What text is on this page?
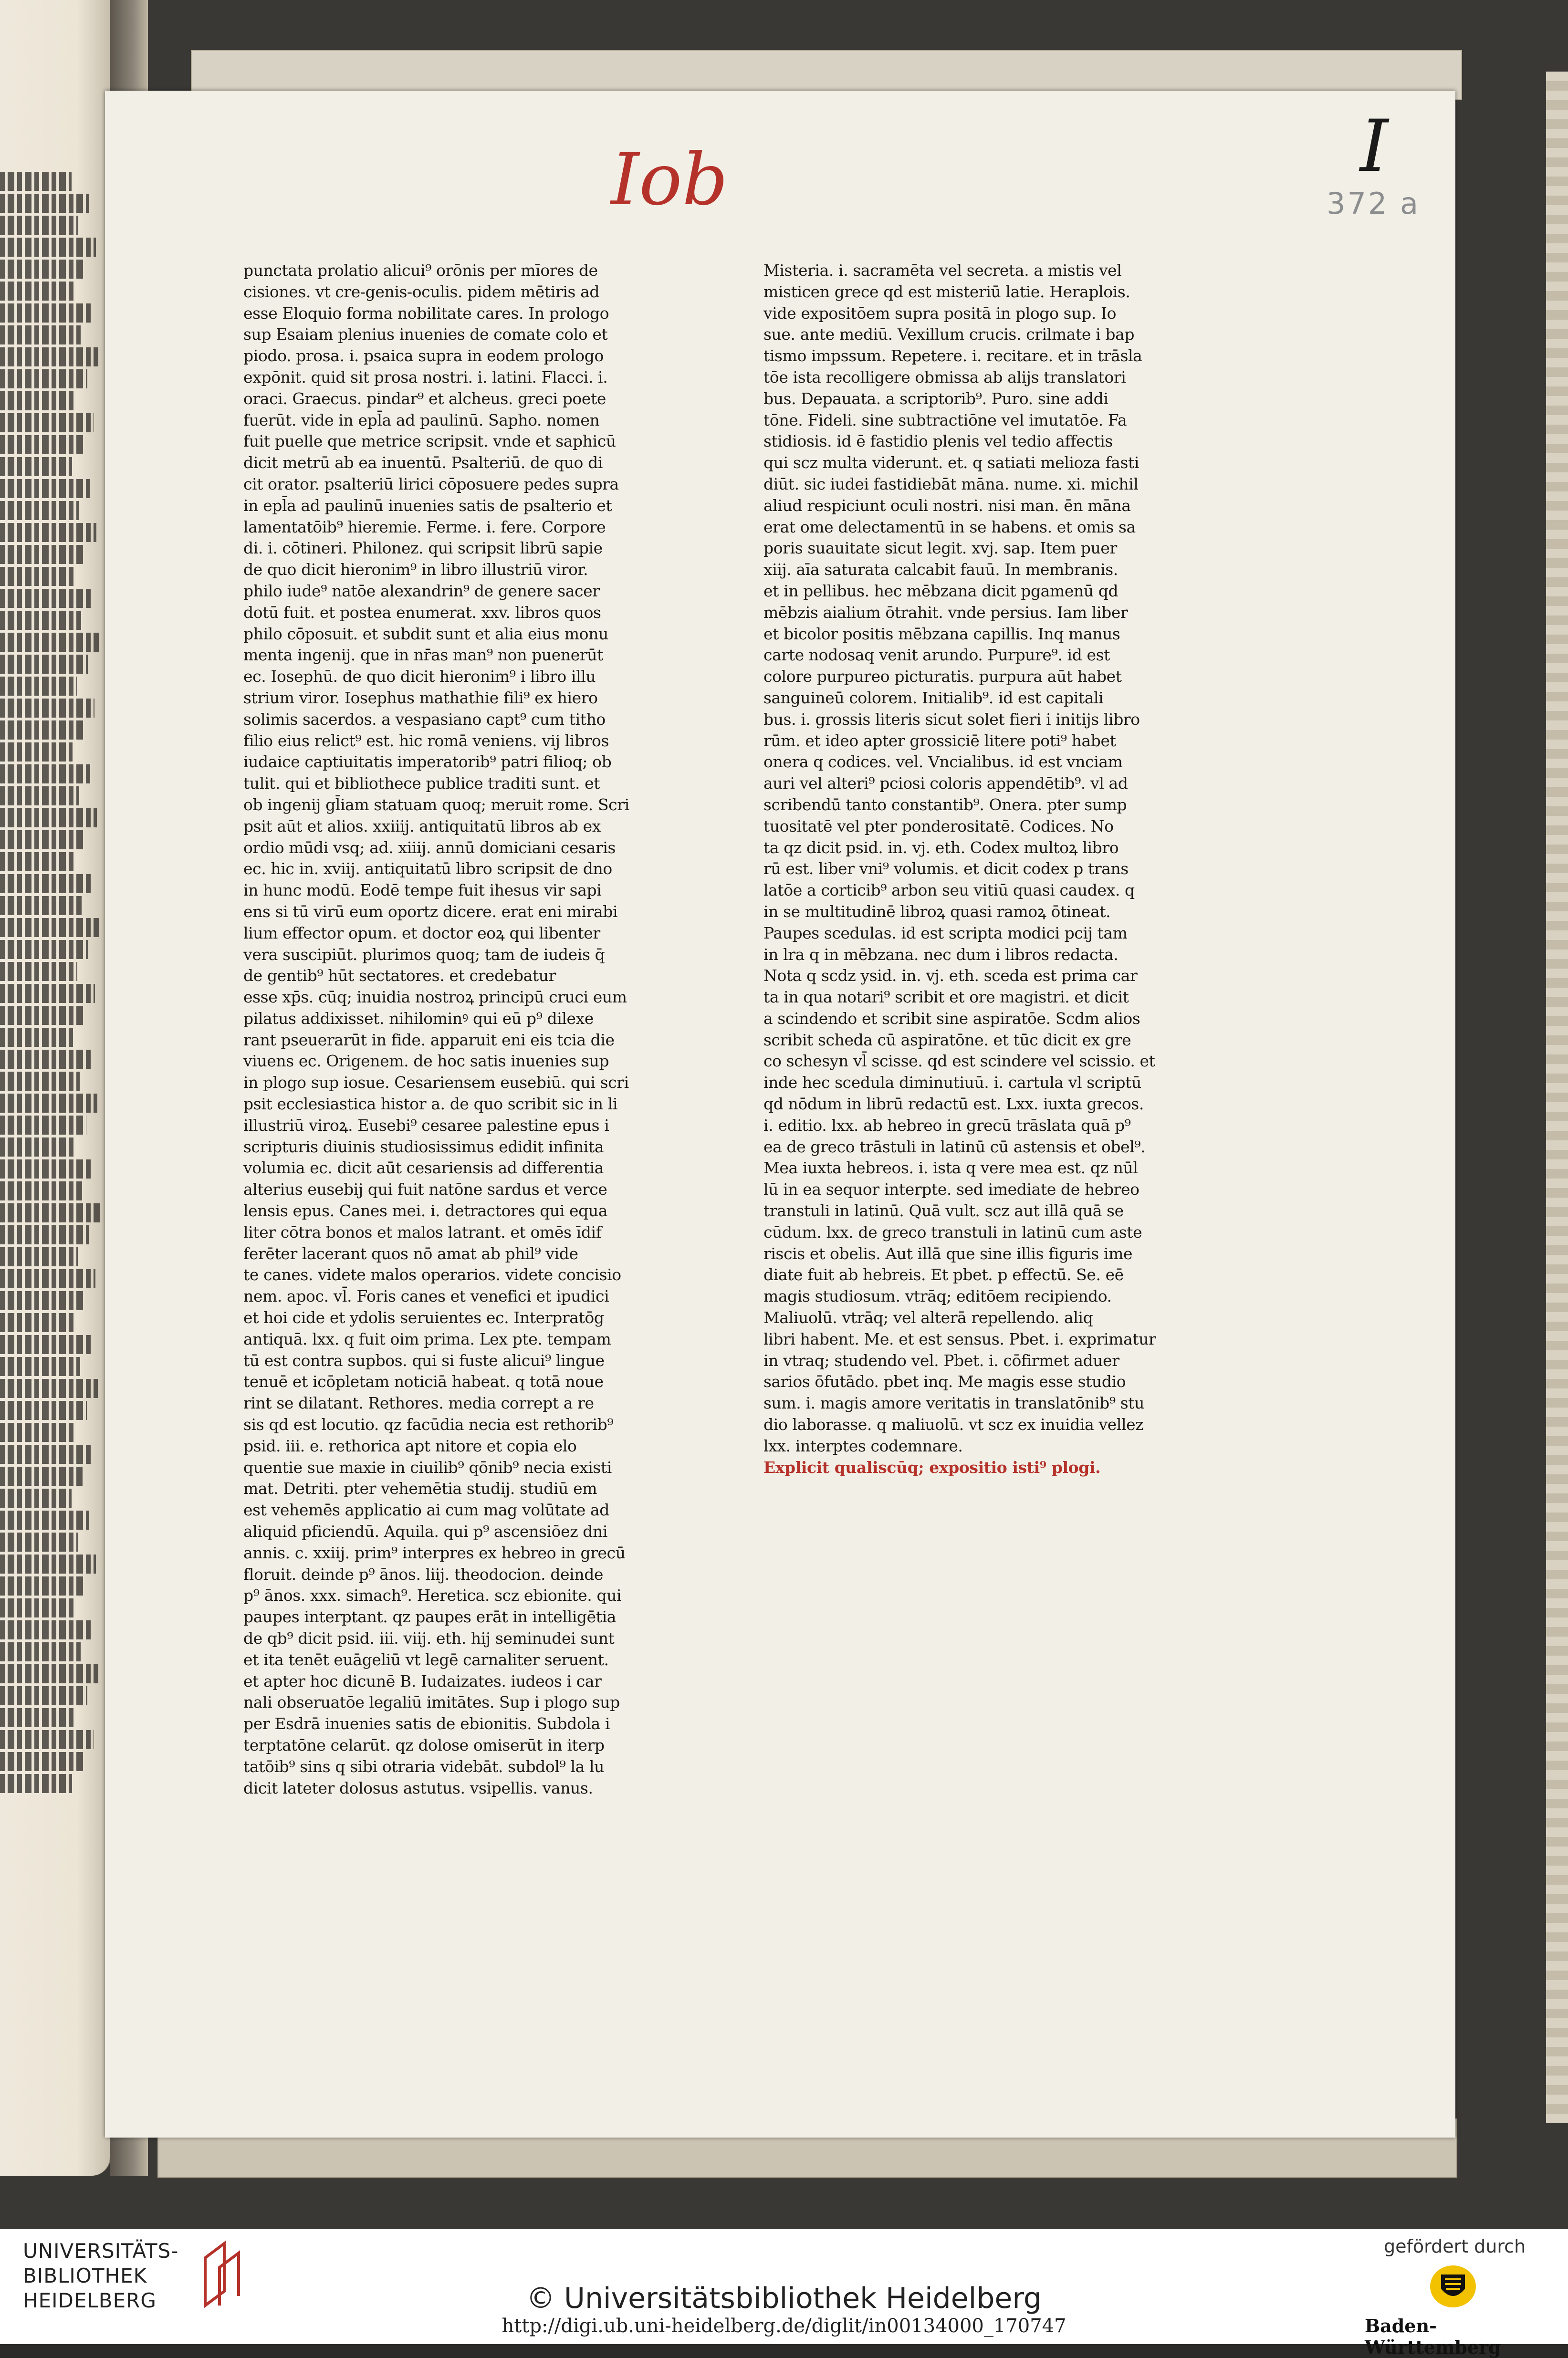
I
372 a
Iob
punctata prolatio alicui⁹ orōnis per mīores de
cisiones. vt cre-genis-oculis. pidem mētiris ad
esse Eloquio forma nobilitate cares. In prologo
sup Esaiam plenius inuenies de comate colo et
piodo. prosa. i. psaica supra in eodem prologo
expōnit. quid sit prosa nostri. i. latini. Flacci. i.
oraci. Graecus. pindar⁹ et alcheus. greci poete
fuerūt. vide in epl̄a ad paulinū. Sapho. nomen
fuit puelle que metrice scripsit. vnde et saphicū
dicit metrū ab ea inuentū. Psalteriū. de quo di
cit orator. psalteriū lirici cōposuere pedes supra
in epl̄a ad paulinū inuenies satis de psalterio et
lamentatōib⁹ hieremie. Ferme. i. fere. Corpore
di. i. cōtineri. Philonez. qui scripsit librū sapie
de quo dicit hieronim⁹ in libro illustriū viror.
philo iude⁹ natōe alexandrin⁹ de genere sacer
dotū fuit. et postea enumerat. xxv. libros quos
philo cōposuit. et subdit sunt et alia eius monu
menta ingenij. que in nr̄as man⁹ non puenerūt
ec. Iosephū. de quo dicit hieronim⁹ i libro illu
strium viror. Iosephus mathathie fili⁹ ex hiero
solimis sacerdos. a vespasiano capt⁹ cum titho
filio eius relict⁹ est. hic romā veniens. vij libros
iudaice captiuitatis imperatorib⁹ patri filioq; ob
tulit. qui et bibliothece publice traditi sunt. et
ob ingenij gl̄iam statuam quoq; meruit rome. Scri
psit aūt et alios. xxiiij. antiquitatū libros ab ex
ordio mūdi vsq; ad. xiiij. annū domiciani cesaris
ec. hic in. xviij. antiquitatū libro scripsit de dno
in hunc modū. Eodē tempe fuit ihesus vir sapi
ens si tū virū eum oportz dicere. erat eni mirabi
lium effector opum. et doctor eoꝝ qui libenter
vera suscipiūt. plurimos quoq; tam de iudeis q̄
de gentib⁹ hūt sectatores. et credebatur
esse xp̄s. cūq; inuidia nostroꝝ principū cruci eum
pilatus addixisset. nihilominꝰ qui eū p⁹ dilexe
rant pseuerarūt in fide. apparuit eni eis tcia die
viuens ec. Origenem. de hoc satis inuenies sup
in plogo sup iosue. Cesariensem eusebiū. qui scri
psit ecclesiastica histor a. de quo scribit sic in li
illustriū viroꝝ. Eusebi⁹ cesaree palestine epus i
scripturis diuinis studiosissimus edidit infinita
volumia ec. dicit aūt cesariensis ad differentia
alterius eusebij qui fuit natōne sardus et verce
lensis epus. Canes mei. i. detractores qui equa
liter cōtra bonos et malos latrant. et omēs īdif
ferēter lacerant quos nō amat ab phil⁹ vide
te canes. videte malos operarios. videte concisio
nem. apoc. vl̄. Foris canes et venefici et ipudici
et hoi cide et ydolis seruientes ec. Interpratōg
antiquā. lxx. q fuit oim prima. Lex pte. tempam
tū est contra supbos. qui si fuste alicui⁹ lingue
tenuē et icōpletam noticiā habeat. q totā noue
rint se dilatant. Rethores. media corrept a re
sis qd est locutio. qz facūdia necia est rethorib⁹
psid. iii. e. rethorica apt nitore et copia elo
quentie sue maxie in ciuilib⁹ qōnib⁹ necia existi
mat. Detriti. pter vehemētia studij. studiū em
est vehemēs applicatio ai cum mag volūtate ad
aliquid pficiendū. Aquila. qui p⁹ ascensiōez dni
annis. c. xxiij. prim⁹ interpres ex hebreo in grecū
floruit. deinde p⁹ ānos. liij. theodocion. deinde
p⁹ ānos. xxx. simach⁹. Heretica. scz ebionite. qui
paupes interptant. qz paupes erāt in intelligētia
de qb⁹ dicit psid. iii. viij. eth. hij seminudei sunt
et ita tenēt euāgeliū vt legē carnaliter seruent.
et apter hoc dicunē B. Iudaizates. iudeos i car
nali obseruatōe legaliū imitātes. Sup i plogo sup
per Esdrā inuenies satis de ebionitis. Subdola i
terptatōne celarūt. qz dolose omiserūt in iterp
tatōib⁹ sins q sibi otraria videbāt. subdol⁹ la lu
dicit lateter dolosus astutus. vsipellis. vanus.
Misteria. i. sacramēta vel secreta. a mistis vel
misticen grece qd est misteriū latie. Heraplois.
vide expositōem supra positā in plogo sup. Io
sue. ante mediū. Vexillum crucis. crilmate i bap
tismo impssum. Repetere. i. recitare. et in trāsla
tōe ista recolligere obmissa ab alijs translatori
bus. Depauata. a scriptorib⁹. Puro. sine addi
tōne. Fideli. sine subtractiōne vel imutatōe. Fa
stidiosis. id ē fastidio plenis vel tedio affectis
qui scz multa viderunt. et. q satiati melioza fasti
diūt. sic iudei fastidiebāt māna. nume. xi. michil
aliud respiciunt oculi nostri. nisi man. ēn māna
erat ome delectamentū in se habens. et omis sa
poris suauitate sicut legit. xvj. sap. Item puer
xiij. aīa saturata calcabit fauū. In membranis.
et in pellibus. hec mēbzana dicit pgamenū qd
mēbzis aialium ōtrahit. vnde persius. Iam liber
et bicolor positis mēbzana capillis. Inq manus
carte nodosaq venit arundo. Purpure⁹. id est
colore purpureo picturatis. purpura aūt habet
sanguineū colorem. Initialib⁹. id est capitali
bus. i. grossis literis sicut solet fieri i initijs libro
rūm. et ideo apter grossiciē litere poti⁹ habet
onera q codices. vel. Vncialibus. id est vnciam
auri vel alteri⁹ pciosi coloris appendētib⁹. vl ad
scribendū tanto constantib⁹. Onera. pter sump
tuositatē vel pter ponderositatē. Codices. No
ta qz dicit psid. in. vj. eth. Codex multoꝝ libro
rū est. liber vni⁹ volumis. et dicit codex p trans
latōe a corticib⁹ arbon seu vitiū quasi caudex. q
in se multitudinē libroꝝ quasi ramoꝝ ōtineat.
Paupes scedulas. id est scripta modici pcij tam
in lra q in mēbzana. nec dum i libros redacta.
Nota q scdz ysid. in. vj. eth. sceda est prima car
ta in qua notari⁹ scribit et ore magistri. et dicit
a scindendo et scribit sine aspiratōe. Scdm alios
scribit scheda cū aspiratōne. et tūc dicit ex gre
co schesyn vl̄ scisse. qd est scindere vel scissio. et
inde hec scedula diminutiuū. i. cartula vl scriptū
qd nōdum in librū redactū est. Lxx. iuxta grecos.
i. editio. lxx. ab hebreo in grecū trāslata quā p⁹
ea de greco trāstuli in latinū cū astensis et obel⁹.
Mea iuxta hebreos. i. ista q vere mea est. qz nūl
lū in ea sequor interpte. sed imediate de hebreo
transtuli in latinū. Quā vult. scz aut illā quā se
cūdum. lxx. de greco transtuli in latinū cum aste
riscis et obelis. Aut illā que sine illis figuris ime
diate fuit ab hebreis. Et pbet. p effectū. Se. eē
magis studiosum. vtrāq; editōem recipiendo.
Maliuolū. vtrāq; vel alterā repellendo. aliq
libri habent. Me. et est sensus. Pbet. i. exprimatur
in vtraq; studendo vel. Pbet. i. cōfirmet aduer
sarios ōfutādo. pbet inq. Me magis esse studio
sum. i. magis amore veritatis in translatōnib⁹ stu
dio laborasse. q maliuolū. vt scz ex inuidia vellez
lxx. interptes codemnare.
Explicit qualiscūq; expositio isti⁹ plogi.
UNIVERSITÄTS-
BIBLIOTHEK
HEIDELBERG	© Universitätsbibliothek Heidelberg
http://digi.ub.uni-heidelberg.de/diglit/in00134000_170747
gefördert durch
Baden-Württemberg
